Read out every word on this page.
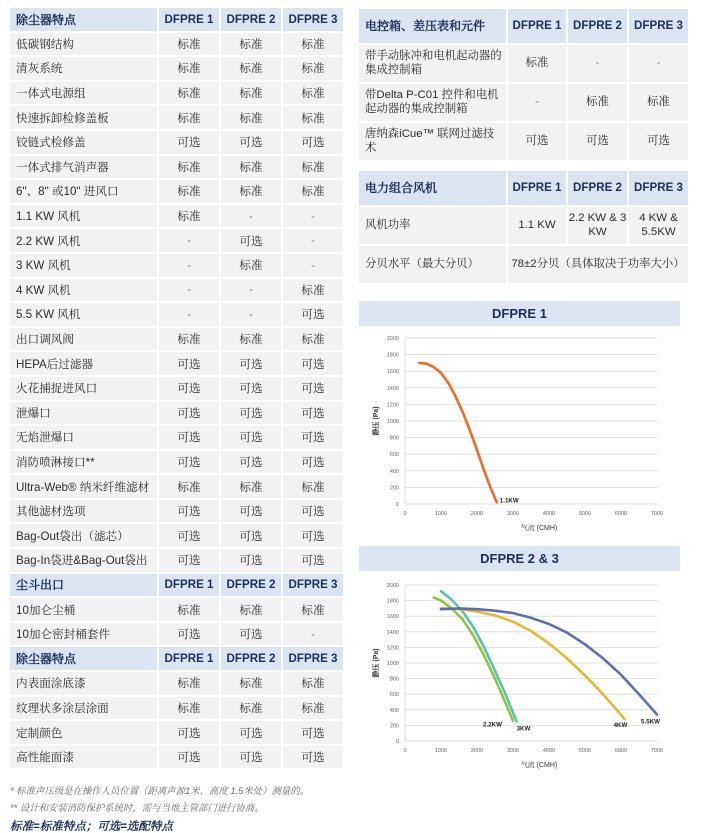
除尘器特点	DFPRE 1	DFPRE 2	DFPRE 3
低碳钢结构	标准	标准	标准
清灰系统	标准	标准	标准
一体式电源组	标准	标准	标准
快速拆卸检修盖板	标准	标准	标准
铰链式检修盖	可选	可选	可选
一体式排气消声器	标准	标准	标准
6"、8" 或10" 进风口	标准	标准	标准
1.1 KW 风机	标准	-	-
2.2 KW 风机	-	可选	-
3 KW 风机	-	标准	-
4 KW 风机	-	-	标准
5.5 KW 风机	-	-	可选
出口调风阀	标准	标准	标准
HEPA后过滤器	可选	可选	可选
火花捕捉进风口	可选	可选	可选
泄爆口	可选	可选	可选
无焰泄爆口	可选	可选	可选
消防喷淋接口**	可选	可选	可选
Ultra-Web® 纳米纤维滤材	标准	标准	标准
其他滤材选项	可选	可选	可选
Bag-Out袋出（滤芯）	可选	可选	可选
Bag-In袋进&Bag-Out袋出	可选	可选	可选
尘斗出口	DFPRE 1	DFPRE 2	DFPRE 3
10加仑尘桶	标准	标准	标准
10加仑密封桶套件	可选	可选	-
除尘器特点	DFPRE 1	DFPRE 2	DFPRE 3
内表面涂底漆	标准	标准	标准
纹理状多涂层涂面	标准	标准	标准
定制颜色	可选	可选	可选
高性能面漆	可选	可选	可选
电控箱、差压表和元件	DFPRE 1	DFPRE 2	DFPRE 3
带手动脉冲和电机起动器的集成控制箱	标准	-	-
带Delta P-C01 控件和电机起动器的集成控制箱	-	标准	标准
唐纳森iCue™ 联网过滤技术	可选	可选	可选
电力组合风机	DFPRE 1	DFPRE 2	DFPRE 3
风机功率	1.1 KW	2.2 KW & 3 KW	4 KW & 5.5KW
分贝水平（最大分贝）	78±2分贝（具体取决于功率大小）		
DFPRE 1
0
200
400
600
800
1000
1200
1400
1600
1800
2000
0	1000	2000	3000	4000	5000	6000	7000
气流 (CMH)
静压 (Pa)
1.1KW
DFPRE 2 & 3
0
200
400
600
800
1000
1200
1400
1600
1800
2000
0	1000	2000	3000	4000	5000	6000	7000
气流 (CMH)
静压 (Pa)
2.2KW
3KW	4KW
5.5KW
* 标准声压级是在操作人员位置（距离声源1米、高度 1.5米处）测量的。
** 设计和安装消防保护系统时，需与当地主管部门进行协商。
标准=标准特点；可选=选配特点
